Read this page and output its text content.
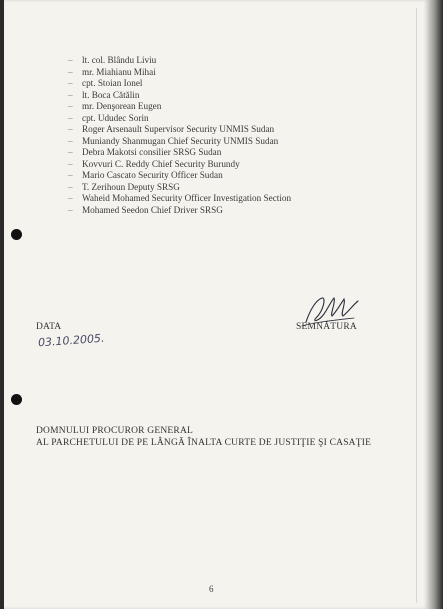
– lt. col. Blându Liviu
– mr. Miahianu Mihai
– cpt. Stoian Ionel
– lt. Boca Cătălin
– mr. Denşorean Eugen
– cpt. Ududec Sorin
– Roger Arsenault Supervisor Security UNMIS Sudan
– Muniandy Shanmugan Chief Security UNMIS Sudan
– Debra Makotsi consilier SRSG Sudan
– Kovvuri C. Reddy Chief Security Burundy
– Mario Cascato Security Officer Sudan
– T. Zerihoun Deputy SRSG
– Waheid Mohamed Security Officer Investigation Section
– Mohamed Seedon Chief Driver SRSG
DATA
03.10.2005.
SEMNĂTURA
DOMNULUI PROCUROR GENERAL
AL PARCHETULUI DE PE LÂNGĂ ÎNALTA CURTE DE JUSTIŢIE ŞI CASAŢIE
6
